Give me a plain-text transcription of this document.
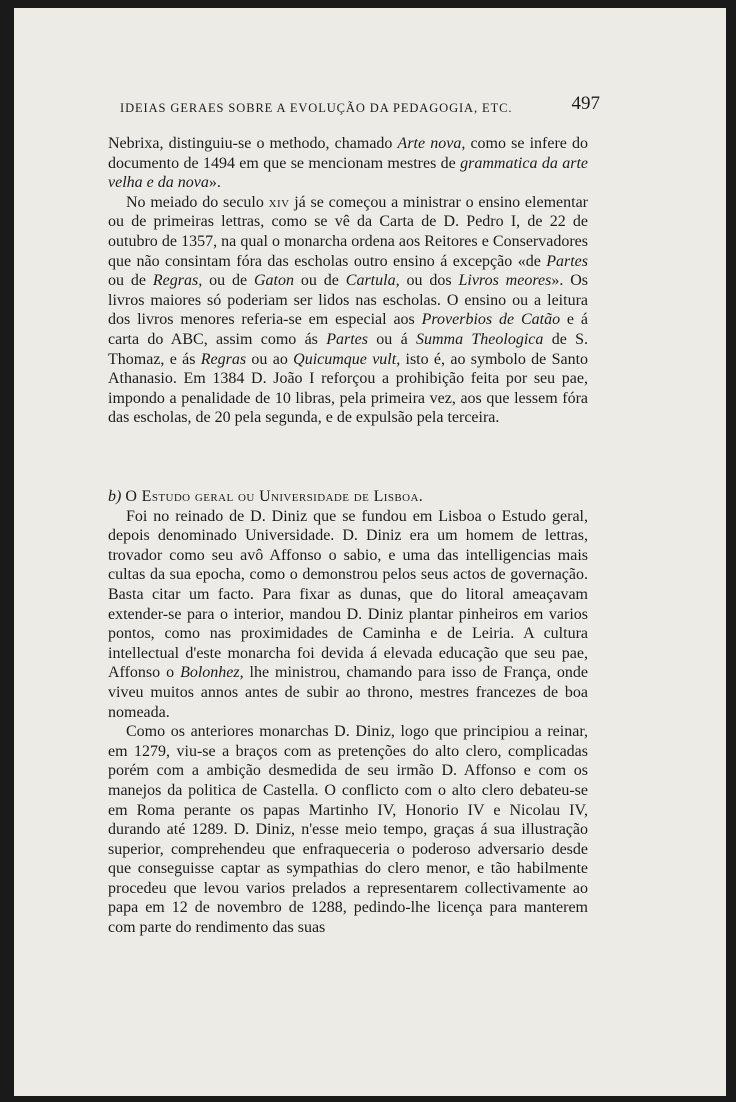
IDEIAS GERAES SOBRE A EVOLUÇÃO DA PEDAGOGIA, ETC.	497

Nebrixa, distinguiu-se o methodo, chamado Arte nova, como se infere do documento de 1494 em que se mencionam mestres de grammatica da arte velha e da nova».

No meiado do seculo xiv já se começou a ministrar o ensino elementar ou de primeiras lettras, como se vê da Carta de D. Pedro I, de 22 de outubro de 1357, na qual o monarcha ordena aos Reitores e Conservadores que não consintam fóra das escholas outro ensino á excepção «de Partes ou de Regras, ou de Gaton ou de Cartula, ou dos Livros meores». Os livros maiores só poderiam ser lidos nas escholas. O ensino ou a leitura dos livros menores referia-se em especial aos Proverbios de Catão e á carta do ABC, assim como ás Partes ou á Summa Theologica de S. Thomaz, e ás Regras ou ao Quicumque vult, isto é, ao symbolo de Santo Athanasio. Em 1384 D. João I reforçou a prohibição feita por seu pae, impondo a penalidade de 10 libras, pela primeira vez, aos que lessem fóra das escholas, de 20 pela segunda, e de expulsão pela terceira.

b) O Estudo geral ou Universidade de Lisboa.

Foi no reinado de D. Diniz que se fundou em Lisboa o Estudo geral, depois denominado Universidade. D. Diniz era um homem de lettras, trovador como seu avô Affonso o sabio, e uma das intelligencias mais cultas da sua epocha, como o demonstrou pelos seus actos de governação. Basta citar um facto. Para fixar as dunas, que do litoral ameaçavam extender-se para o interior, mandou D. Diniz plantar pinheiros em varios pontos, como nas proximidades de Caminha e de Leiria. A cultura intellectual d'este monarcha foi devida á elevada educação que seu pae, Affonso o Bolonhez, lhe ministrou, chamando para isso de França, onde viveu muitos annos antes de subir ao throno, mestres francezes de boa nomeada.

Como os anteriores monarchas D. Diniz, logo que principiou a reinar, em 1279, viu-se a braços com as pretenções do alto clero, complicadas porém com a ambição desmedida de seu irmão D. Affonso e com os manejos da politica de Castella. O conflicto com o alto clero debateu-se em Roma perante os papas Martinho IV, Honorio IV e Nicolau IV, durando até 1289. D. Diniz, n'esse meio tempo, graças á sua illustração superior, comprehendeu que enfraqueceria o poderoso adversario desde que conseguisse captar as sympathias do clero menor, e tão habilmente procedeu que levou varios prelados a representarem collectivamente ao papa em 12 de novembro de 1288, pedindo-lhe licença para manterem com parte do rendimento das suas
